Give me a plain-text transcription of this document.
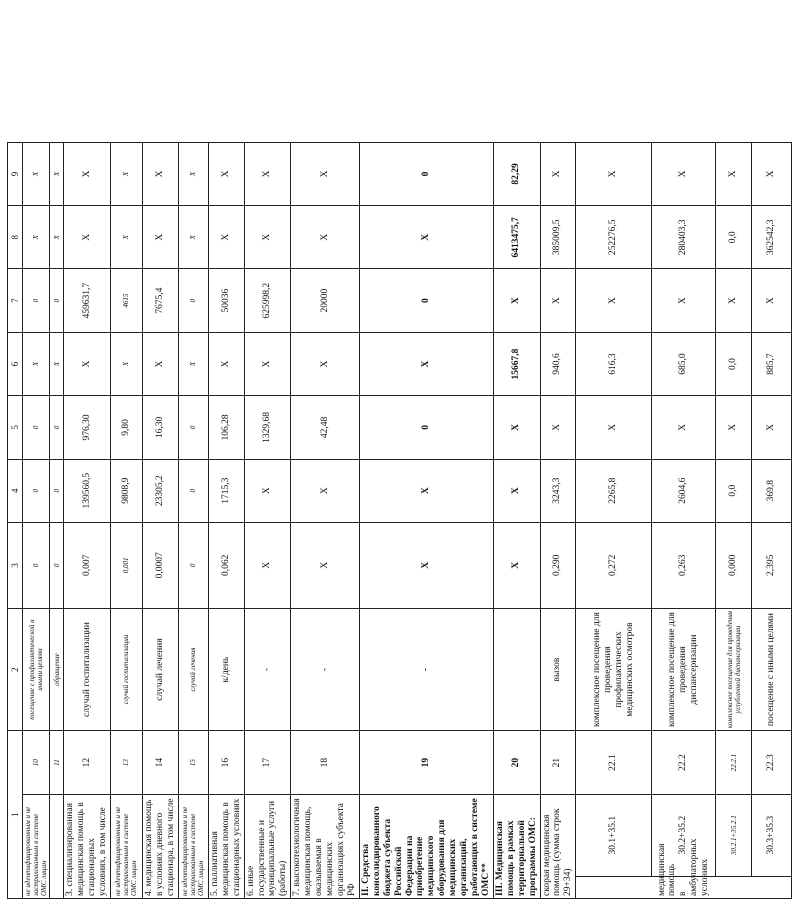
1			2	3	4	5	6	7	8	9
не идентифицированным и не застрахованным в системе ОМС лицам		10	посещение с профилактической и иными целями	0	0	0	X	0	X	X
		11	обращение	0	0	0	X	0	X	X
3. специализированная медицинская помощь в стационарных условиях, в том числе		12	случай госпитализации	0,007	139560,5	976,30	X	459631,7	X	X
не идентифицированным и не застрахованным в системе ОМС лицам		13	случай госпитализации	0,001	9808,9	9,80	X	4615	X	X
4. медицинская помощь в условиях дневного стационара, в том числе		14	случай лечения	0,0007	23305,2	16,30	X	7675,4	X	X
не идентифицированным и не застрахованным в системе ОМС лицам		15	случай лечения	0	0	0	X	0	X	X
5. паллиативная медицинская помощь в стационарных условиях		16	к/день	0,062	1715,3	106,28	X	50036	X	X
6. иные государственные и муниципальные услуги (работы)		17	-	X	X	1329,68	X	625998,2	X	X
7. высокотехнологичная медицинская помощь, оказываемая в медицинских организациях субъекта РФ		18	-	X	X	42,48	X	20000	X	X
II. Средства консолидированного бюджета субъекта Российской Федерации на приобретение медицинского оборудования для медицинских организаций, работающих в системе ОМС**		19	-	X	X	0	X	0	X	0
III. Медицинская помощь в рамках территориальной программы ОМС:		20		X	X	X	15667,8	X	6413475,7	82,29
скорая медицинская помощь (сумма строк 29+34)		21	вызов	0,290	3243,3	X	940,6	X	385009,5	X
медицинская помощь в амбулаторных условиях	30.1+35.1	22.1	комплексное посещение для проведения профилактических медицинских осмотров	0,272	2265,8	X	616,3	X	252276,5	X
	30.2+35.2	22.2	комплексное посещение для проведения диспансеризации	0,263	2604,6	X	685,0	X	280403,3	X
	30.2.1+35.2.1	22.2.1	комплексное посещение для проведения углубленной диспансеризации	0,000	0,0	X	0,0	X	0,0	X
	30.3+35.3	22.3	посещение с иными целями	2,395	369,8	X	885,7	X	362542,3	X
